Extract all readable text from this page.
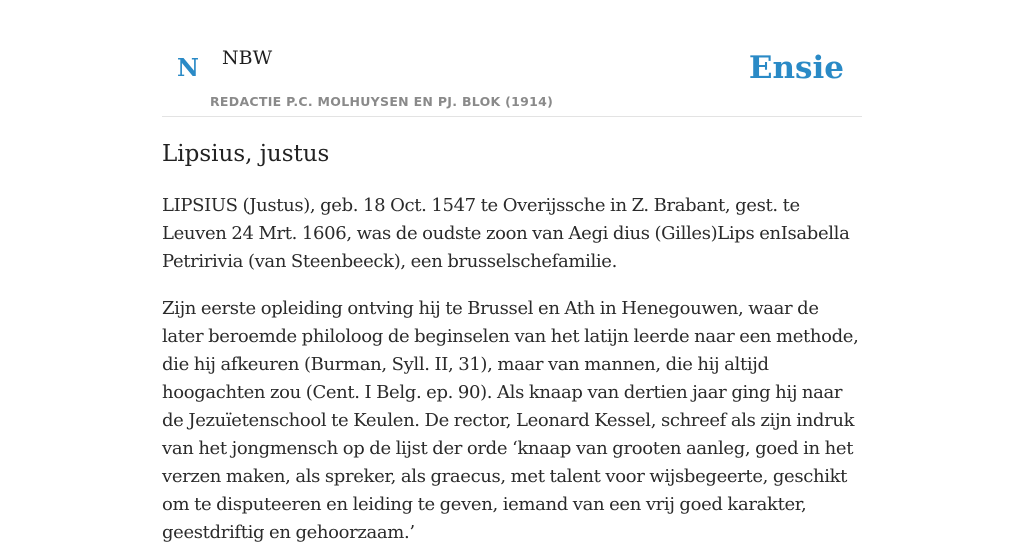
N NBW
REDACTIE P.C. MOLHUYSEN EN PJ. BLOK (1914)
Ensie
Lipsius, justus

LIPSIUS (Justus), geb. 18 Oct. 1547 te Overijssche in Z. Brabant, gest. te Leuven 24 Mrt. 1606, was de oudste zoon van Aegi dius (Gilles)Lips enIsabella Petririvia (van Steenbeeck), een brusselschefamilie.

Zijn eerste opleiding ontving hij te Brussel en Ath in Henegouwen, waar de later beroemde philoloog de beginselen van het latijn leerde naar een methode, die hij afkeuren (Burman, Syll. II, 31), maar van mannen, die hij altijd hoogachten zou (Cent. I Belg. ep. 90). Als knaap van dertien jaar ging hij naar de Jezuïetenschool te Keulen. De rector, Leonard Kessel, schreef als zijn indruk van het jongmensch op de lijst der orde ‘knaap van grooten aanleg, goed in het verzen maken, als spreker, als graecus, met talent voor wijsbegeerte, geschikt om te disputeeren en leiding te geven, iemand van een vrij goed karakter, geestdriftig en gehoorzaam.’
